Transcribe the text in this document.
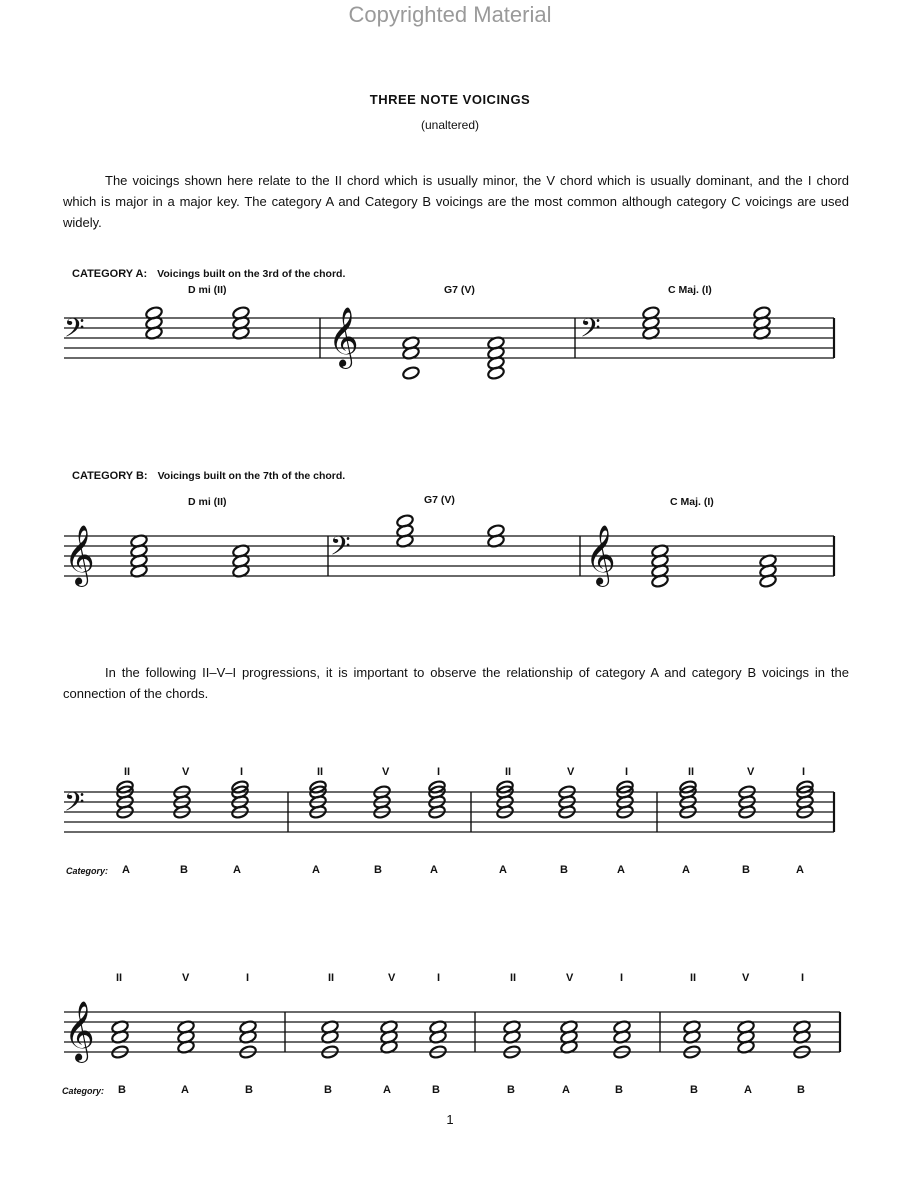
Copyrighted Material
THREE NOTE VOICINGS
(unaltered)
The voicings shown here relate to the II chord which is usually minor, the V chord which is usually dominant, and the I chord which is major in a major key. The category A and Category B voicings are the most common although category C voicings are used widely.
CATEGORY A: Voicings built on the 3rd of the chord.
D mi (II)	G7 (V)	C Maj. (I)
CATEGORY B: Voicings built on the 7th of the chord.
D mi (II)	G7 (V)	C Maj. (I)
In the following II–V–I progressions, it is important to observe the relationship of category A and category B voicings in the connection of the chords.
II	V	I	II	V	I	II	V	I	II	V	I
Category: A	B	A	A	B	A	A	B	A	A	B	A
II	V	I	II	V	I	II	V	I	II	V	I
Category: B	A	B	B	A	B	B	A	B	B	A	B
1
𝄢	𝄞	𝄢
𝄞	𝄢	𝄞
𝄢
𝄞
